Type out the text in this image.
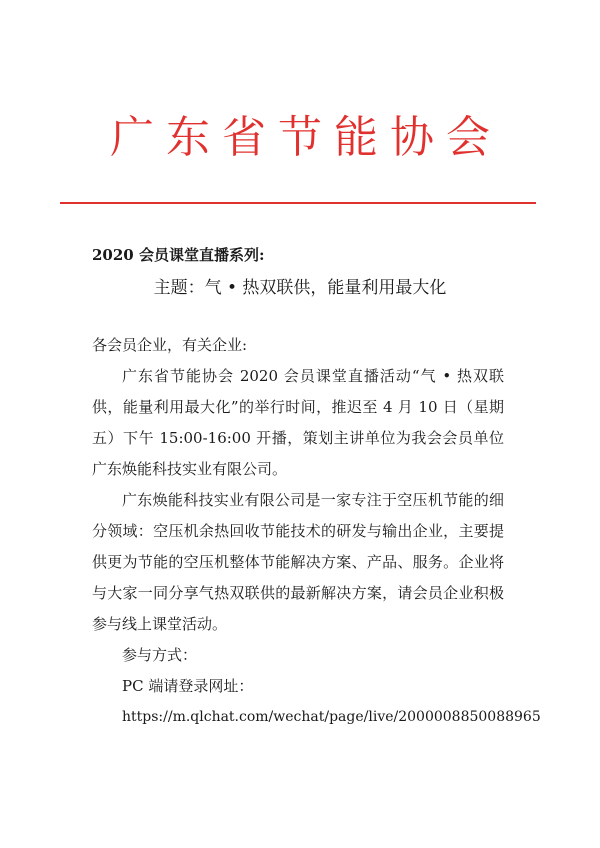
广东省节能协会
2020 会员课堂直播系列:
主题：气 • 热双联供，能量利用最大化

各会员企业，有关企业:

广东省节能协会 2020 会员课堂直播活动“气 • 热双联供，能量利用最大化”的举行时间，推迟至 4 月 10 日（星期五）下午 15:00-16:00 开播，策划主讲单位为我会会员单位广东焕能科技实业有限公司。

广东焕能科技实业有限公司是一家专注于空压机节能的细分领域：空压机余热回收节能技术的研发与输出企业，主要提供更为节能的空压机整体节能解决方案、产品、服务。企业将与大家一同分享气热双联供的最新解决方案，请会员企业积极参与线上课堂活动。

参与方式：

PC 端请登录网址：

https://m.qlchat.com/wechat/page/live/2000008850088965
